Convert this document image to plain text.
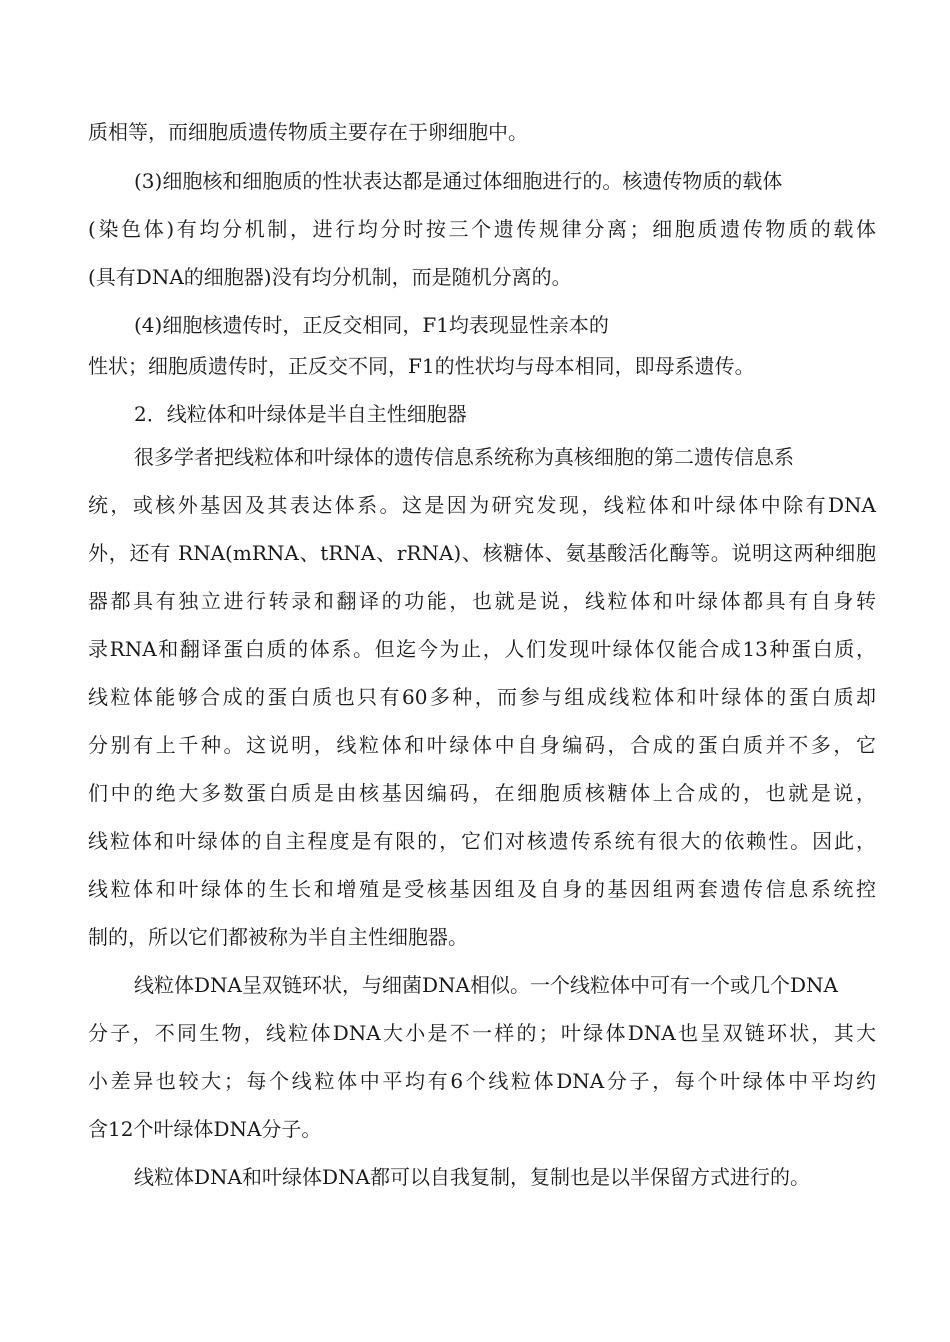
质相等，而细胞质遗传物质主要存在于卵细胞中。
(3)细胞核和细胞质的性状表达都是通过体细胞进行的。核遗传物质的载体
(染色体)有均分机制，进行均分时按三个遗传规律分离；细胞质遗传物质的载体
(具有DNA的细胞器)没有均分机制，而是随机分离的。
(4)细胞核遗传时，正反交相同，F1均表现显性亲本的
性状；细胞质遗传时，正反交不同，F1的性状均与母本相同，即母系遗传。
2．线粒体和叶绿体是半自主性细胞器
很多学者把线粒体和叶绿体的遗传信息系统称为真核细胞的第二遗传信息系
统，或核外基因及其表达体系。这是因为研究发现，线粒体和叶绿体中除有DNA
外，还有 RNA(mRNA、tRNA、rRNA)、核糖体、氨基酸活化酶等。说明这两种细胞
器都具有独立进行转录和翻译的功能，也就是说，线粒体和叶绿体都具有自身转
录RNA和翻译蛋白质的体系。但迄今为止，人们发现叶绿体仅能合成13种蛋白质，
线粒体能够合成的蛋白质也只有60多种，而参与组成线粒体和叶绿体的蛋白质却
分别有上千种。这说明，线粒体和叶绿体中自身编码，合成的蛋白质并不多，它
们中的绝大多数蛋白质是由核基因编码，在细胞质核糖体上合成的，也就是说，
线粒体和叶绿体的自主程度是有限的，它们对核遗传系统有很大的依赖性。因此，
线粒体和叶绿体的生长和增殖是受核基因组及自身的基因组两套遗传信息系统控
制的，所以它们都被称为半自主性细胞器。
线粒体DNA呈双链环状，与细菌DNA相似。一个线粒体中可有一个或几个DNA
分子，不同生物，线粒体DNA大小是不一样的；叶绿体DNA也呈双链环状，其大
小差异也较大；每个线粒体中平均有6个线粒体DNA分子，每个叶绿体中平均约
含12个叶绿体DNA分子。
线粒体DNA和叶绿体DNA都可以自我复制，复制也是以半保留方式进行的。
